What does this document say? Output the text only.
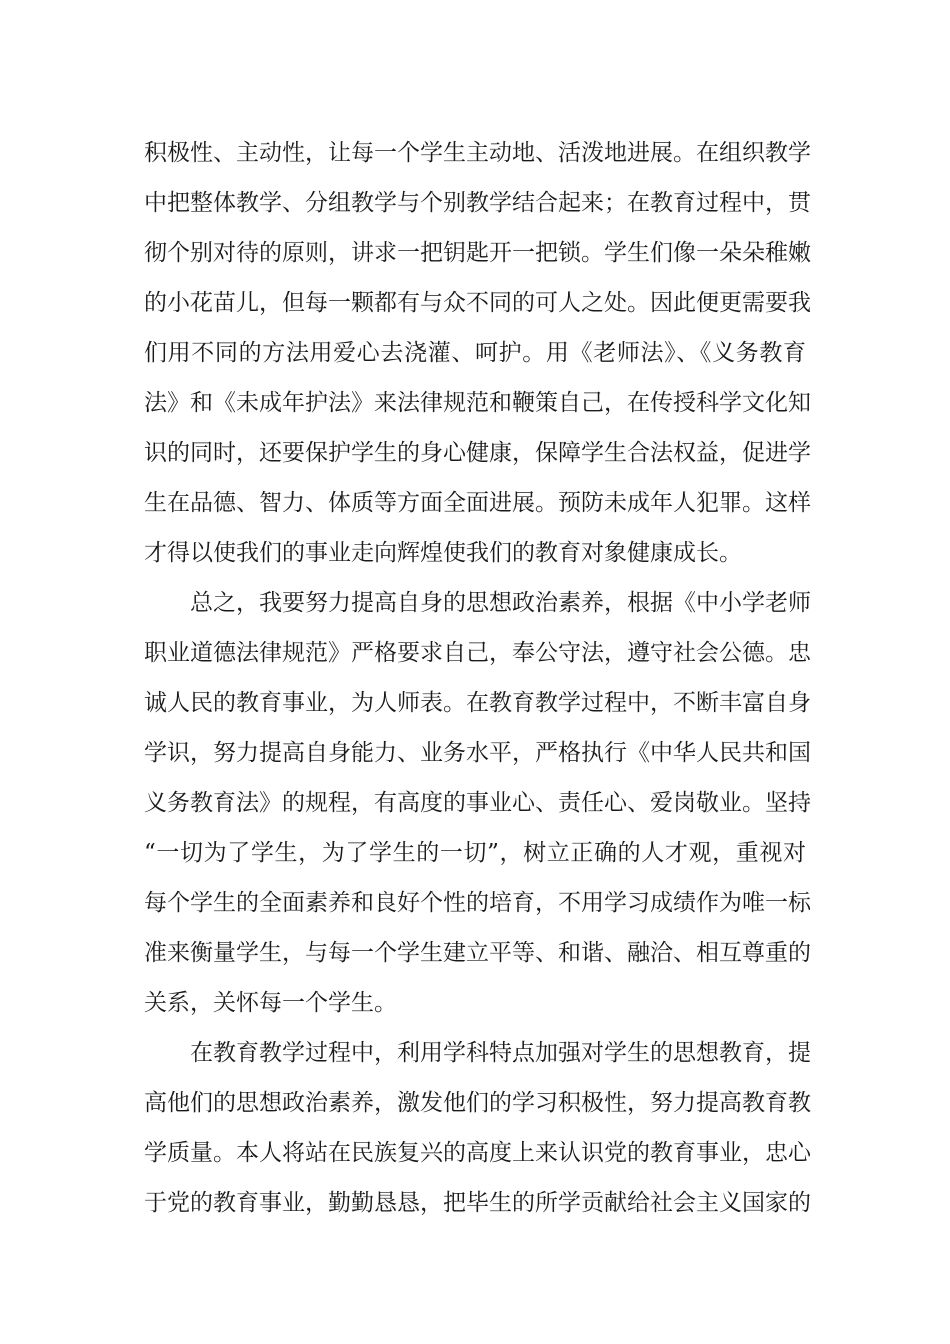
积极性、主动性，让每一个学生主动地、活泼地进展。在组织教学
中把整体教学、分组教学与个别教学结合起来；在教育过程中，贯
彻个别对待的原则，讲求一把钥匙开一把锁。学生们像一朵朵稚嫩
的小花苗儿，但每一颗都有与众不同的可人之处。因此便更需要我
们用不同的方法用爱心去浇灌、呵护。用《老师法》、《义务教育
法》和《未成年护法》来法律规范和鞭策自己，在传授科学文化知
识的同时，还要保护学生的身心健康，保障学生合法权益，促进学
生在品德、智力、体质等方面全面进展。预防未成年人犯罪。这样
才得以使我们的事业走向辉煌使我们的教育对象健康成长。
总之，我要努力提高自身的思想政治素养，根据《中小学老师
职业道德法律规范》严格要求自己，奉公守法，遵守社会公德。忠
诚人民的教育事业，为人师表。在教育教学过程中，不断丰富自身
学识，努力提高自身能力、业务水平，严格执行《中华人民共和国
义务教育法》的规程，有高度的事业心、责任心、爱岗敬业。坚持
“一切为了学生，为了学生的一切”，树立正确的人才观，重视对
每个学生的全面素养和良好个性的培育，不用学习成绩作为唯一标
准来衡量学生，与每一个学生建立平等、和谐、融洽、相互尊重的
关系，关怀每一个学生。
在教育教学过程中，利用学科特点加强对学生的思想教育，提
高他们的思想政治素养，激发他们的学习积极性，努力提高教育教
学质量。本人将站在民族复兴的高度上来认识党的教育事业，忠心
于党的教育事业，勤勤恳恳，把毕生的所学贡献给社会主义国家的
